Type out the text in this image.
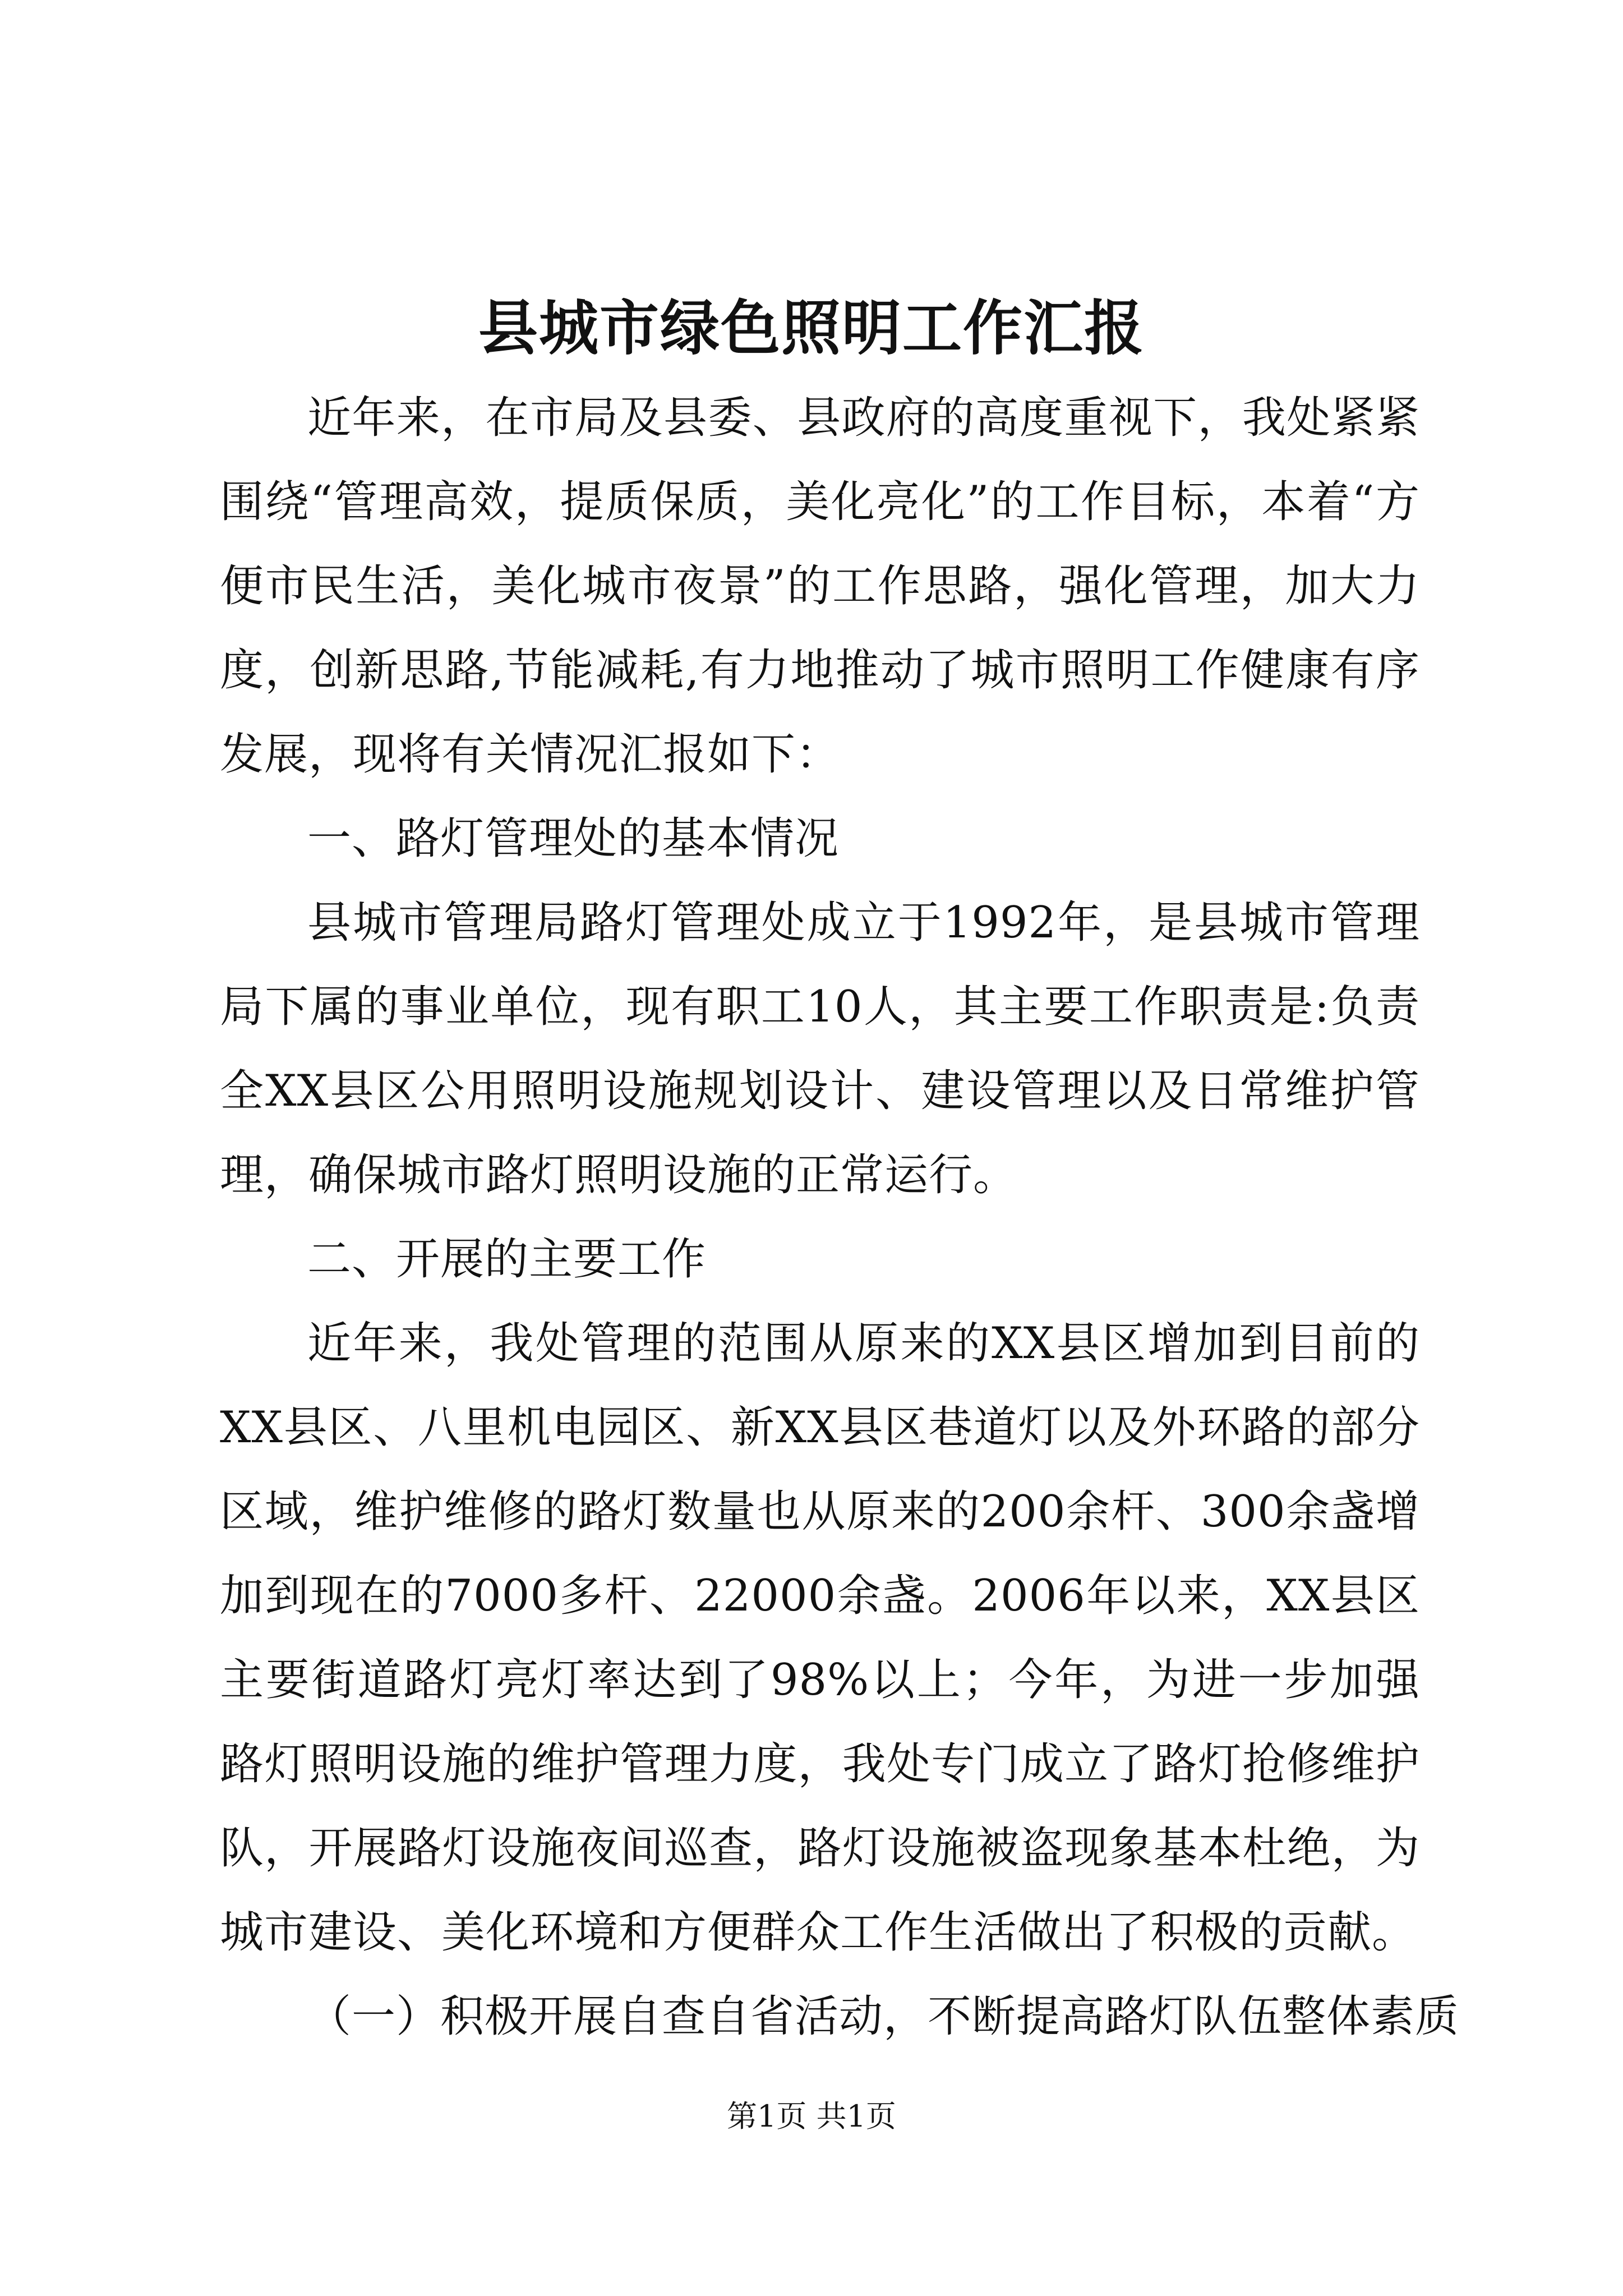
县城市绿色照明工作汇报

近年来，在市局及县委、县政府的高度重视下，我处紧紧围绕“管理高效，提质保质，美化亮化”的工作目标，本着“方便市民生活，美化城市夜景”的工作思路，强化管理，加大力度，创新思路,节能减耗,有力地推动了城市照明工作健康有序发展，现将有关情况汇报如下：

一、路灯管理处的基本情况

县城市管理局路灯管理处成立于1992年，是县城市管理局下属的事业单位，现有职工10人，其主要工作职责是:负责全XX县区公用照明设施规划设计、建设管理以及日常维护管理，确保城市路灯照明设施的正常运行。

二、开展的主要工作

近年来，我处管理的范围从原来的XX县区增加到目前的XX县区、八里机电园区、新XX县区巷道灯以及外环路的部分区域，维护维修的路灯数量也从原来的200余杆、300余盏增加到现在的7000多杆、22000余盏。2006年以来，XX县区主要街道路灯亮灯率达到了98%以上；今年，为进一步加强路灯照明设施的维护管理力度，我处专门成立了路灯抢修维护队，开展路灯设施夜间巡查，路灯设施被盗现象基本杜绝，为城市建设、美化环境和方便群众工作生活做出了积极的贡献。

（一）积极开展自查自省活动，不断提高路灯队伍整体素质

第1页 共1页
